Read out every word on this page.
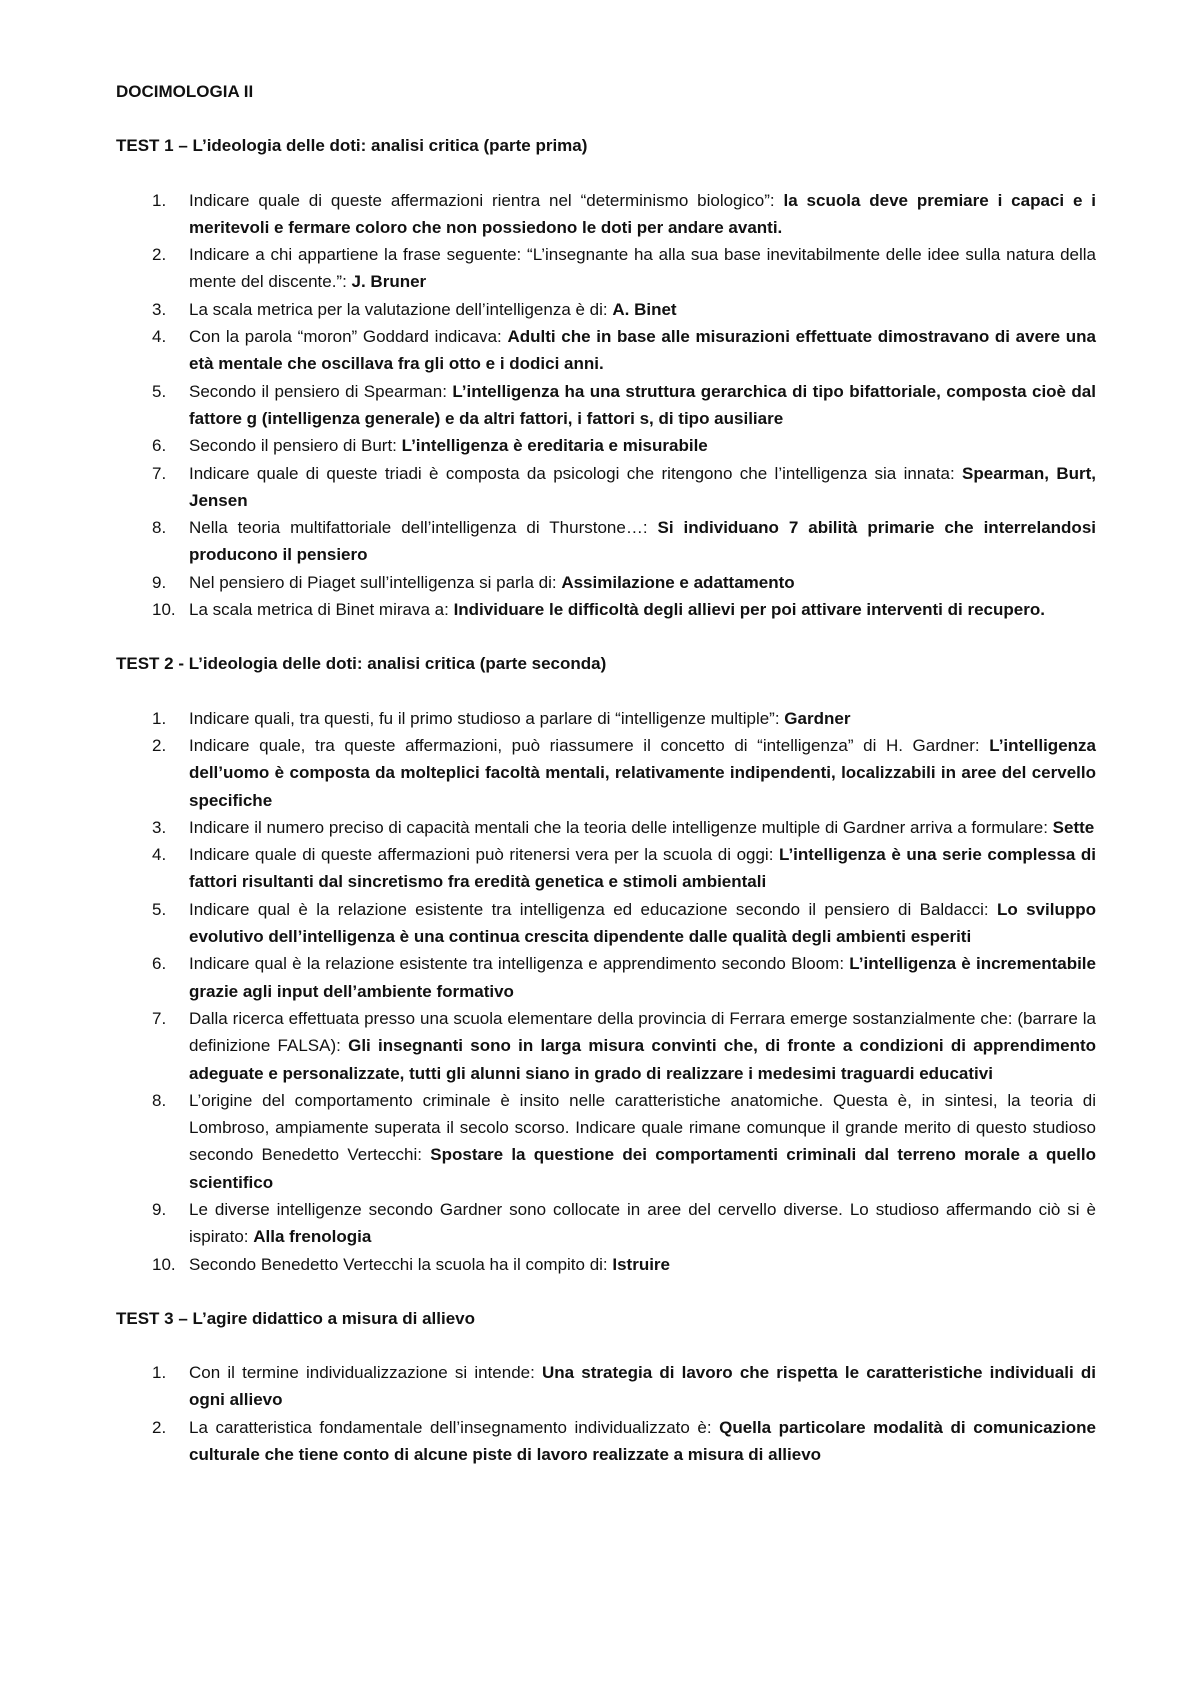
DOCIMOLOGIA II
TEST 1 – L’ideologia delle doti: analisi critica (parte prima)
1. Indicare quale di queste affermazioni rientra nel “determinismo biologico”: la scuola deve premiare i capaci e i meritevoli e fermare coloro che non possiedono le doti per andare avanti.
2. Indicare a chi appartiene la frase seguente: “L’insegnante ha alla sua base inevitabilmente delle idee sulla natura della mente del discente.”: J. Bruner
3. La scala metrica per la valutazione dell’intelligenza è di: A. Binet
4. Con la parola “moron” Goddard indicava: Adulti che in base alle misurazioni effettuate dimostravano di avere una età mentale che oscillava fra gli otto e i dodici anni.
5. Secondo il pensiero di Spearman: L’intelligenza ha una struttura gerarchica di tipo bifattoriale, composta cioè dal fattore g (intelligenza generale) e da altri fattori, i fattori s, di tipo ausiliare
6. Secondo il pensiero di Burt: L’intelligenza è ereditaria e misurabile
7. Indicare quale di queste triadi è composta da psicologi che ritengono che l’intelligenza sia innata: Spearman, Burt, Jensen
8. Nella teoria multifattoriale dell’intelligenza di Thurstone…: Si individuano 7 abilità primarie che interrelandosi producono il pensiero
9. Nel pensiero di Piaget sull’intelligenza si parla di: Assimilazione e adattamento
10. La scala metrica di Binet mirava a: Individuare le difficoltà degli allievi per poi attivare interventi di recupero.
TEST 2 - L’ideologia delle doti: analisi critica (parte seconda)
1. Indicare quali, tra questi, fu il primo studioso a parlare di “intelligenze multiple”: Gardner
2. Indicare quale, tra queste affermazioni, può riassumere il concetto di “intelligenza” di H. Gardner: L’intelligenza dell’uomo è composta da molteplici facoltà mentali, relativamente indipendenti, localizzabili in aree del cervello specifiche
3. Indicare il numero preciso di capacità mentali che la teoria delle intelligenze multiple di Gardner arriva a formulare: Sette
4. Indicare quale di queste affermazioni può ritenersi vera per la scuola di oggi: L’intelligenza è una serie complessa di fattori risultanti dal sincretismo fra eredità genetica e stimoli ambientali
5. Indicare qual è la relazione esistente tra intelligenza ed educazione secondo il pensiero di Baldacci: Lo sviluppo evolutivo dell’intelligenza è una continua crescita dipendente dalle qualità degli ambienti esperiti
6. Indicare qual è la relazione esistente tra intelligenza e apprendimento secondo Bloom: L’intelligenza è incrementabile grazie agli input dell’ambiente formativo
7. Dalla ricerca effettuata presso una scuola elementare della provincia di Ferrara emerge sostanzialmente che: (barrare la definizione FALSA): Gli insegnanti sono in larga misura convinti che, di fronte a condizioni di apprendimento adeguate e personalizzate, tutti gli alunni siano in grado di realizzare i medesimi traguardi educativi
8. L’origine del comportamento criminale è insito nelle caratteristiche anatomiche. Questa è, in sintesi, la teoria di Lombroso, ampiamente superata il secolo scorso. Indicare quale rimane comunque il grande merito di questo studioso secondo Benedetto Vertecchi: Spostare la questione dei comportamenti criminali dal terreno morale a quello scientifico
9. Le diverse intelligenze secondo Gardner sono collocate in aree del cervello diverse. Lo studioso affermando ciò si è ispirato: Alla frenologia
10. Secondo Benedetto Vertecchi la scuola ha il compito di: Istruire
TEST 3 – L’agire didattico a misura di allievo
1. Con il termine individualizzazione si intende: Una strategia di lavoro che rispetta le caratteristiche individuali di ogni allievo
2. La caratteristica fondamentale dell’insegnamento individualizzato è: Quella particolare modalità di comunicazione culturale che tiene conto di alcune piste di lavoro realizzate a misura di allievo
